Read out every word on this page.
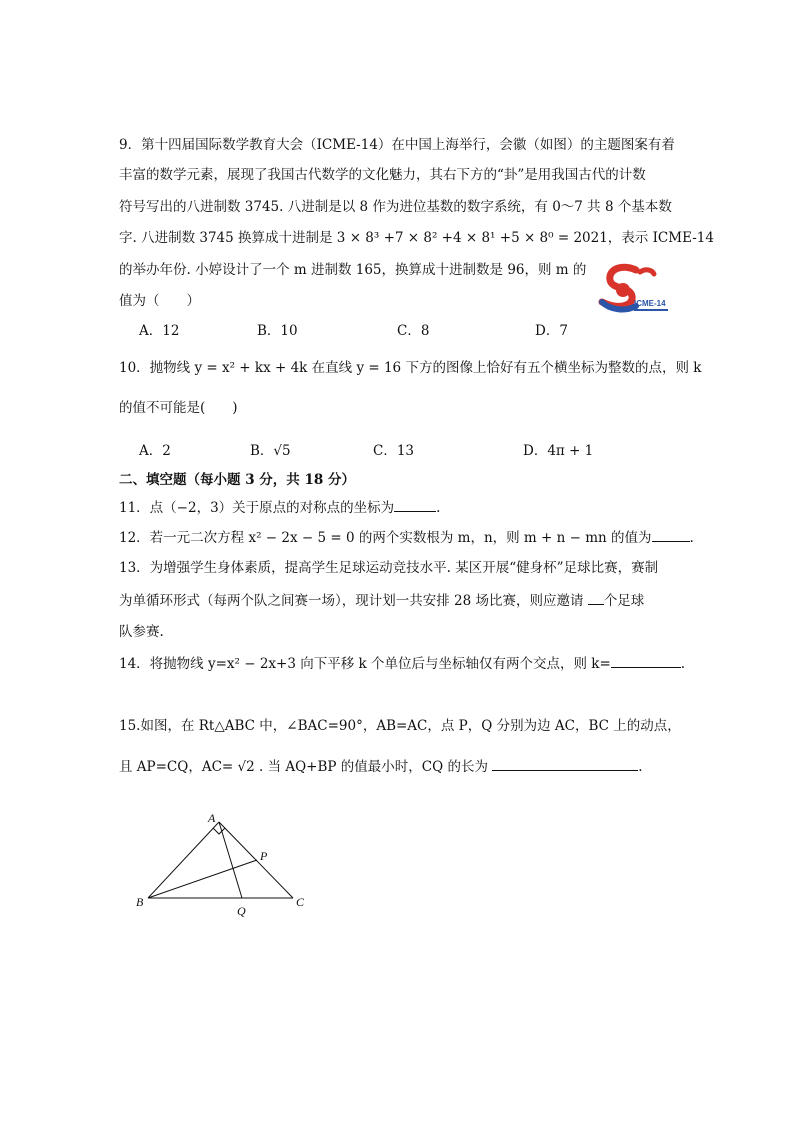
9．第十四届国际数学教育大会（ICME-14）在中国上海举行，会徽（如图）的主题图案有着
丰富的数学元素，展现了我国古代数学的文化魅力，其右下方的“卦”是用我国古代的计数
符号写出的八进制数 3745. 八进制是以 8 作为进位基数的数字系统，有 0～7 共 8 个基本数
字. 八进制数 3745 换算成十进制是 3 × 8³ +7 × 8² +4 × 8¹ +5 × 8⁰ = 2021，表示 ICME-14
的举办年份. 小婷设计了一个 m 进制数 165，换算成十进制数是 96，则 m 的
值为（　　）	ICME-14
A．12	B．10	C．8	D．7
10．抛物线 y = x² + kx + 4k 在直线 y = 16 下方的图像上恰好有五个横坐标为整数的点，则 k
的值不可能是(　　)
A．2	B．√5	C．13	D．4π + 1
二、填空题（每小题 3 分，共 18 分）
11．点（−2，3）关于原点的对称点的坐标为	.
12．若一元二次方程 x² − 2x − 5 = 0 的两个实数根为 m，n，则 m + n − mn 的值为	.
13．为增强学生身体素质，提高学生足球运动竞技水平. 某区开展“健身杯”足球比赛，赛制
为单循环形式（每两个队之间赛一场），现计划一共安排 28 场比赛，则应邀请 个足球
队参赛.
14．将抛物线 y=x² − 2x+3 向下平移 k 个单位后与坐标轴仅有两个交点，则 k=	.
15.如图，在 Rt△ABC 中，∠BAC=90°，AB=AC，点 P，Q 分别为边 AC，BC 上的动点，
且 AP=CQ，AC= √2 . 当 AQ+BP 的值最小时，CQ 的长为	.
A
B	C
P
Q
